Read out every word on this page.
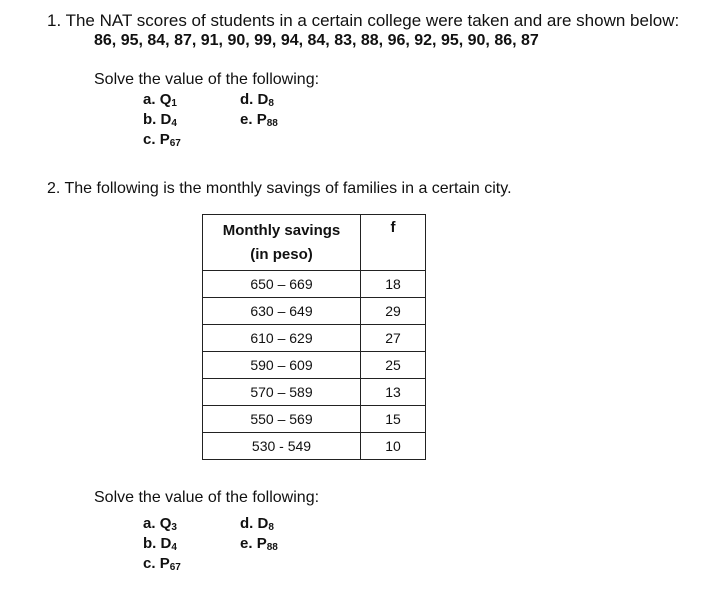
1. The NAT scores of students in a certain college were taken and are shown below:
86, 95, 84, 87, 91, 90, 99, 94, 84, 83, 88, 96, 92, 95, 90, 86, 87
Solve the value of the following:
a. $Q_1$
b. $D_4$
c. $P_{67}$
d. $D_8$
e. $P_{88}$
2. The following is the monthly savings of families in a certain city.
Monthly savings
(in peso)	f
650 – 669	18
630 – 649	29
610 – 629	27
590 – 609	25
570 – 589	13
550 – 569	15
530 - 549	10
Solve the value of the following:
a. $Q_3$
b. $D_4$
c. $P_{67}$
d. $D_8$
e. $P_{88}$
